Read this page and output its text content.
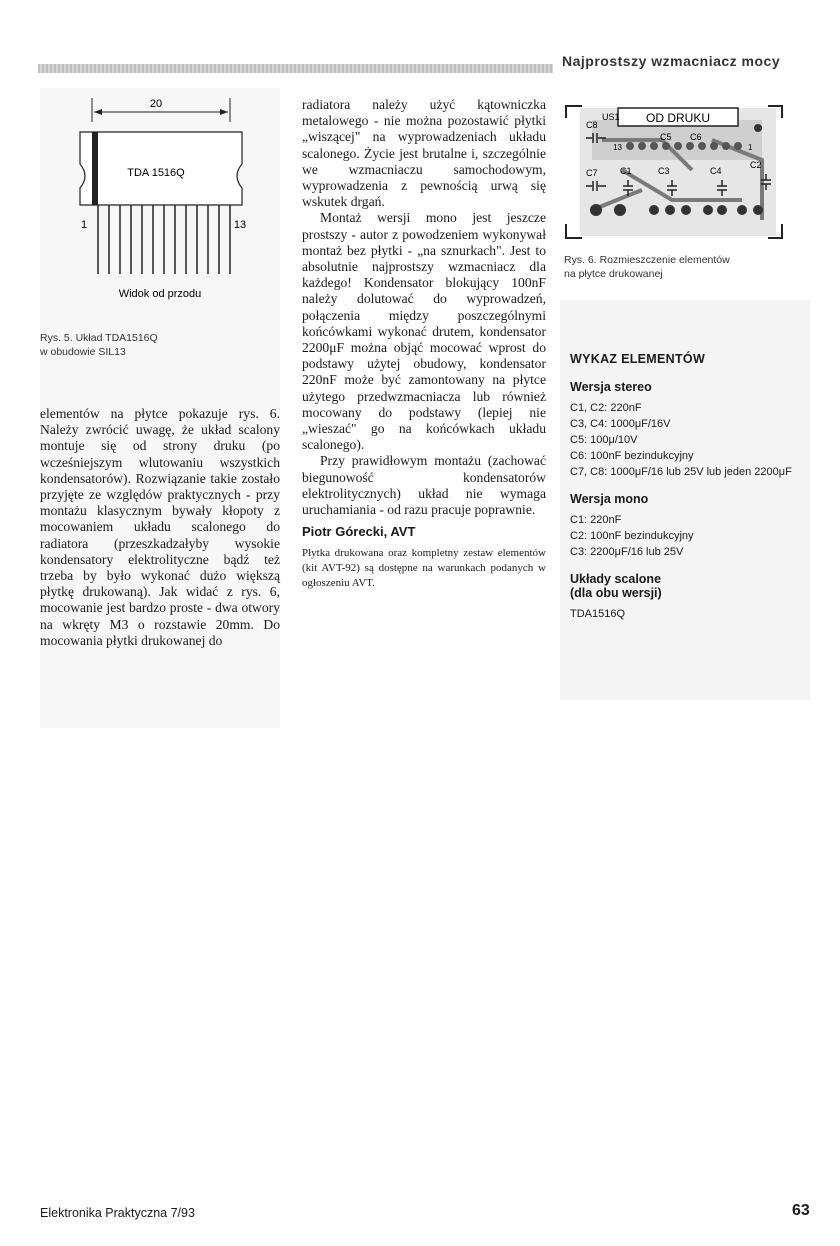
Najprostszy wzmacniacz mocy
20
TDA 1516Q
1	13
Widok od przodu
Rys. 5. Układ TDA1516Q
w obudowie SIL13
US1 OD DRUKU
13	1
C8
C7
C5 C6
C1	C3	C4
C2
Rys. 6. Rozmieszczenie elementów
na płytce drukowanej

elementów na płytce pokazuje rys. 6. Należy zwrócić uwagę, że układ scalony montuje się od strony druku (po wcześniejszym wlutowaniu wszystkich kondensatorów). Rozwiązanie takie zostało przyjęte ze względów praktycznych - przy montażu klasycznym bywały kłopoty z mocowaniem układu scalonego do radiatora (przeszkadzałyby wysokie kondensatory elektrolityczne bądź też trzeba by było wykonać dużo większą płytkę drukowaną). Jak widać z rys. 6, mocowanie jest bardzo proste - dwa otwory na wkręty M3 o rozstawie 20mm. Do mocowania płytki drukowanej do

radiatora należy użyć kątowniczka metalowego - nie można pozostawić płytki „wiszącej" na wyprowadzeniach układu scalonego. Życie jest brutalne i, szczególnie we wzmacniaczu samochodowym, wyprowadzenia z pewnością urwą się wskutek drgań.

Montaż wersji mono jest jeszcze prostszy - autor z powodzeniem wykonywał montaż bez płytki - „na sznurkach". Jest to absolutnie najprostszy wzmacniacz dla każdego! Kondensator blokujący 100nF należy dolutować do wyprowadzeń, połączenia między poszczególnymi końcówkami wykonać drutem, kondensator 2200μF można objąć mocować wprost do podstawy użytej obudowy, kondensator 220nF może być zamontowany na płytce użytego przedwzmacniacza lub również mocowany do podstawy (lepiej nie „wieszać" go na końcówkach układu scalonego).

Przy prawidłowym montażu (zachować biegunowość kondensatorów elektrolitycznych) układ nie wymaga uruchamiania - od razu pracuje poprawnie.

Piotr Górecki, AVT
Płytka drukowana oraz kompletny zestaw elementów (kit AVT-92) są dostępne na warunkach podanych w ogłoszeniu AVT.
WYKAZ ELEMENTÓW
Wersja stereo
C1, C2: 220nF
C3, C4: 1000μF/16V
C5: 100μ/10V
C6: 100nF bezindukcyjny
C7, C8: 1000μF/16 lub 25V lub jeden 2200μF
Wersja mono
C1: 220nF
C2: 100nF bezindukcyjny
C3: 2200μF/16 lub 25V
Układy scalone
(dla obu wersji)
TDA1516Q
Elektronika Praktyczna 7/93	63
